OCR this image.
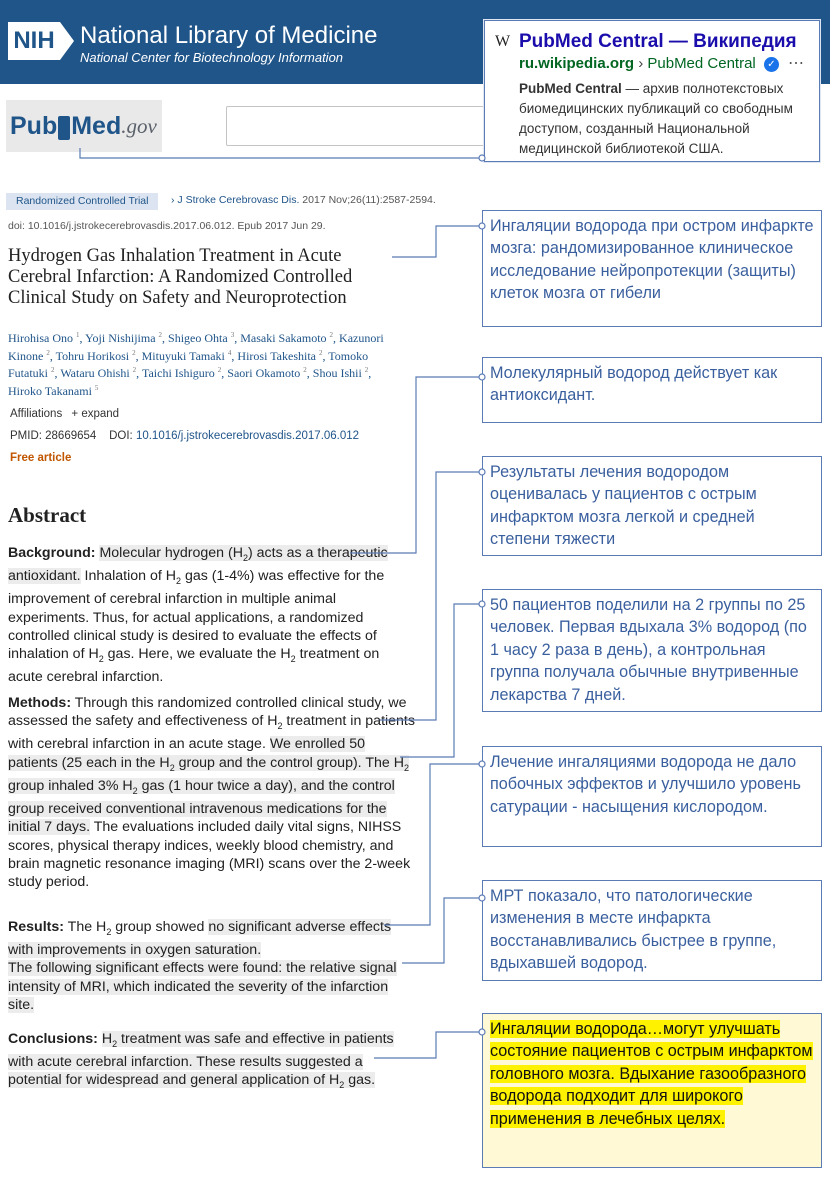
NIH National Library of Medicine
National Center for Biotechnology Information
Pub Med .gov
W PubMed Central — Википедия
ru.wikipedia.org › PubMed Central ✓ ⋯
PubMed Central — архив полнотекстовых биомедицинских публикаций со свободным доступом, созданный Национальной медицинской библиотекой США.
Randomized Controlled Trial	› J Stroke Cerebrovasc Dis. 2017 Nov;26(11):2587-2594.
doi: 10.1016/j.jstrokecerebrovasdis.2017.06.012. Epub 2017 Jun 29.
Hydrogen Gas Inhalation Treatment in Acute Cerebral Infarction: A Randomized Controlled Clinical Study on Safety and Neuroprotection
Hirohisa Ono $^1$, Yoji Nishijima $^2$, Shigeo Ohta $^3$, Masaki Sakamoto $^2$, Kazunori Kinone $^2$, Tohru Horikosi $^2$, Mituyuki Tamaki $^4$, Hirosi Takeshita $^2$, Tomoko Futatuki $^2$, Wataru Ohishi $^2$, Taichi Ishiguro $^2$, Saori Okamoto $^2$, Shou Ishii $^2$, Hiroko Takanami $^5$
Affiliations + expand
PMID: 28669654 DOI: 10.1016/j.jstrokecerebrovasdis.2017.06.012
Free article
Abstract
Background: Molecular hydrogen $(H_2)$ acts as a therapeutic antioxidant. Inhalation of $H_2$ gas (1-4%) was effective for the improvement of cerebral infarction in multiple animal experiments. Thus, for actual applications, a randomized controlled clinical study is desired to evaluate the effects of inhalation of $H_2$ gas. Here, we evaluate the $H_2$ treatment on acute cerebral infarction.
Methods: Through this randomized controlled clinical study, we assessed the safety and effectiveness of $H_2$ treatment in patients with cerebral infarction in an acute stage. We enrolled 50 patients (25 each in the $H_2$ group and the control group). The $H_2$ group inhaled 3% $H_2$ gas (1 hour twice a day), and the control group received conventional intravenous medications for the initial 7 days. The evaluations included daily vital signs, NIHSS scores, physical therapy indices, weekly blood chemistry, and brain magnetic resonance imaging (MRI) scans over the 2-week study period.
Results: The $H_2$ group showed no significant adverse effects with improvements in oxygen saturation.
The following significant effects were found: the relative signal intensity of MRI, which indicated the severity of the infarction site.
Conclusions: $H_2$ treatment was safe and effective in patients with acute cerebral infarction. These results suggested a potential for widespread and general application of $H_2$ gas.
Ингаляции водорода при остром инфаркте мозга: рандомизированное клиническое исследование нейропротекции (защиты) клеток мозга от гибели
Молекулярный водород действует как антиоксидант.
Результаты лечения водородом оценивалась у пациентов с острым инфарктом мозга легкой и средней степени тяжести
50 пациентов поделили на 2 группы по 25 человек. Первая вдыхала 3% водород (по 1 часу 2 раза в день), а контрольная группа получала обычные внутривенные лекарства 7 дней.
Лечение ингаляциями водорода не дало побочных эффектов и улучшило уровень сатурации - насыщения кислородом.
МРТ показало, что патологические изменения в месте инфаркта восстанавливались быстрее в группе, вдыхавшей водород.
Ингаляции водорода…могут улучшать состояние пациентов с острым инфарктом головного мозга. Вдыхание газообразного водорода подходит для широкого применения в лечебных целях.
